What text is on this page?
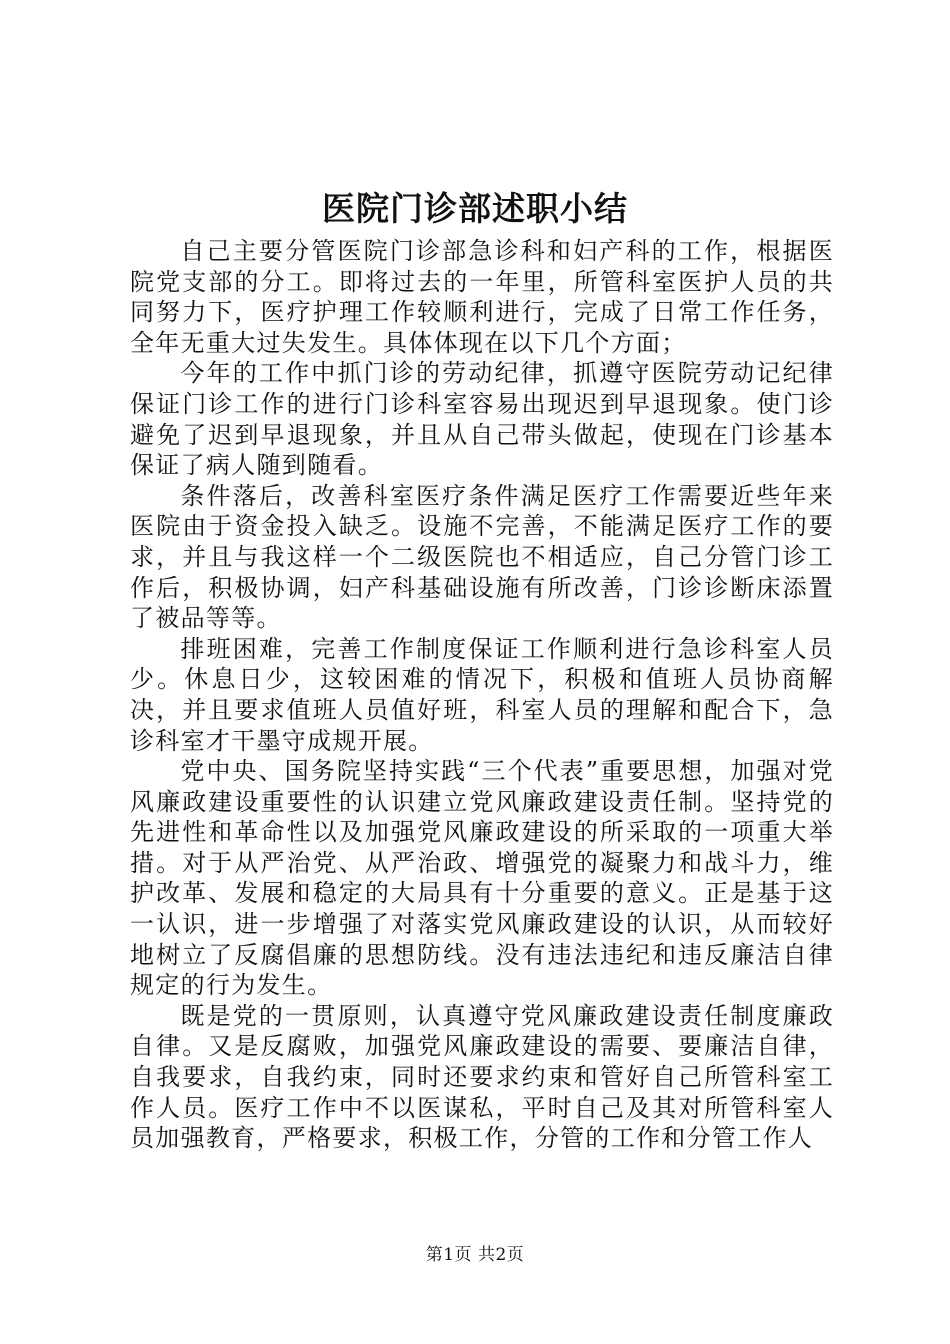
医院门诊部述职小结

自己主要分管医院门诊部急诊科和妇产科的工作，根据医院党支部的分工。即将过去的一年里，所管科室医护人员的共同努力下，医疗护理工作较顺利进行，完成了日常工作任务，全年无重大过失发生。具体体现在以下几个方面；

今年的工作中抓门诊的劳动纪律，抓遵守医院劳动记纪律保证门诊工作的进行门诊科室容易出现迟到早退现象。使门诊避免了迟到早退现象，并且从自己带头做起，使现在门诊基本保证了病人随到随看。

条件落后，改善科室医疗条件满足医疗工作需要近些年来医院由于资金投入缺乏。设施不完善，不能满足医疗工作的要求，并且与我这样一个二级医院也不相适应，自己分管门诊工作后，积极协调，妇产科基础设施有所改善，门诊诊断床添置了被品等等。

排班困难，完善工作制度保证工作顺利进行急诊科室人员少。休息日少，这较困难的情况下，积极和值班人员协商解决，并且要求值班人员值好班，科室人员的理解和配合下，急诊科室才干墨守成规开展。

党中央、国务院坚持实践“三个代表”重要思想，加强对党风廉政建设重要性的认识建立党风廉政建设责任制。坚持党的先进性和革命性以及加强党风廉政建设的所采取的一项重大举措。对于从严治党、从严治政、增强党的凝聚力和战斗力，维护改革、发展和稳定的大局具有十分重要的意义。正是基于这一认识，进一步增强了对落实党风廉政建设的认识，从而较好地树立了反腐倡廉的思想防线。没有违法违纪和违反廉洁自律规定的行为发生。

既是党的一贯原则，认真遵守党风廉政建设责任制度廉政自律。又是反腐败，加强党风廉政建设的需要、要廉洁自律，自我要求，自我约束，同时还要求约束和管好自己所管科室工作人员。医疗工作中不以医谋私，平时自己及其对所管科室人员加强教育，严格要求，积极工作，分管的工作和分管工作人

第1页 共2页
